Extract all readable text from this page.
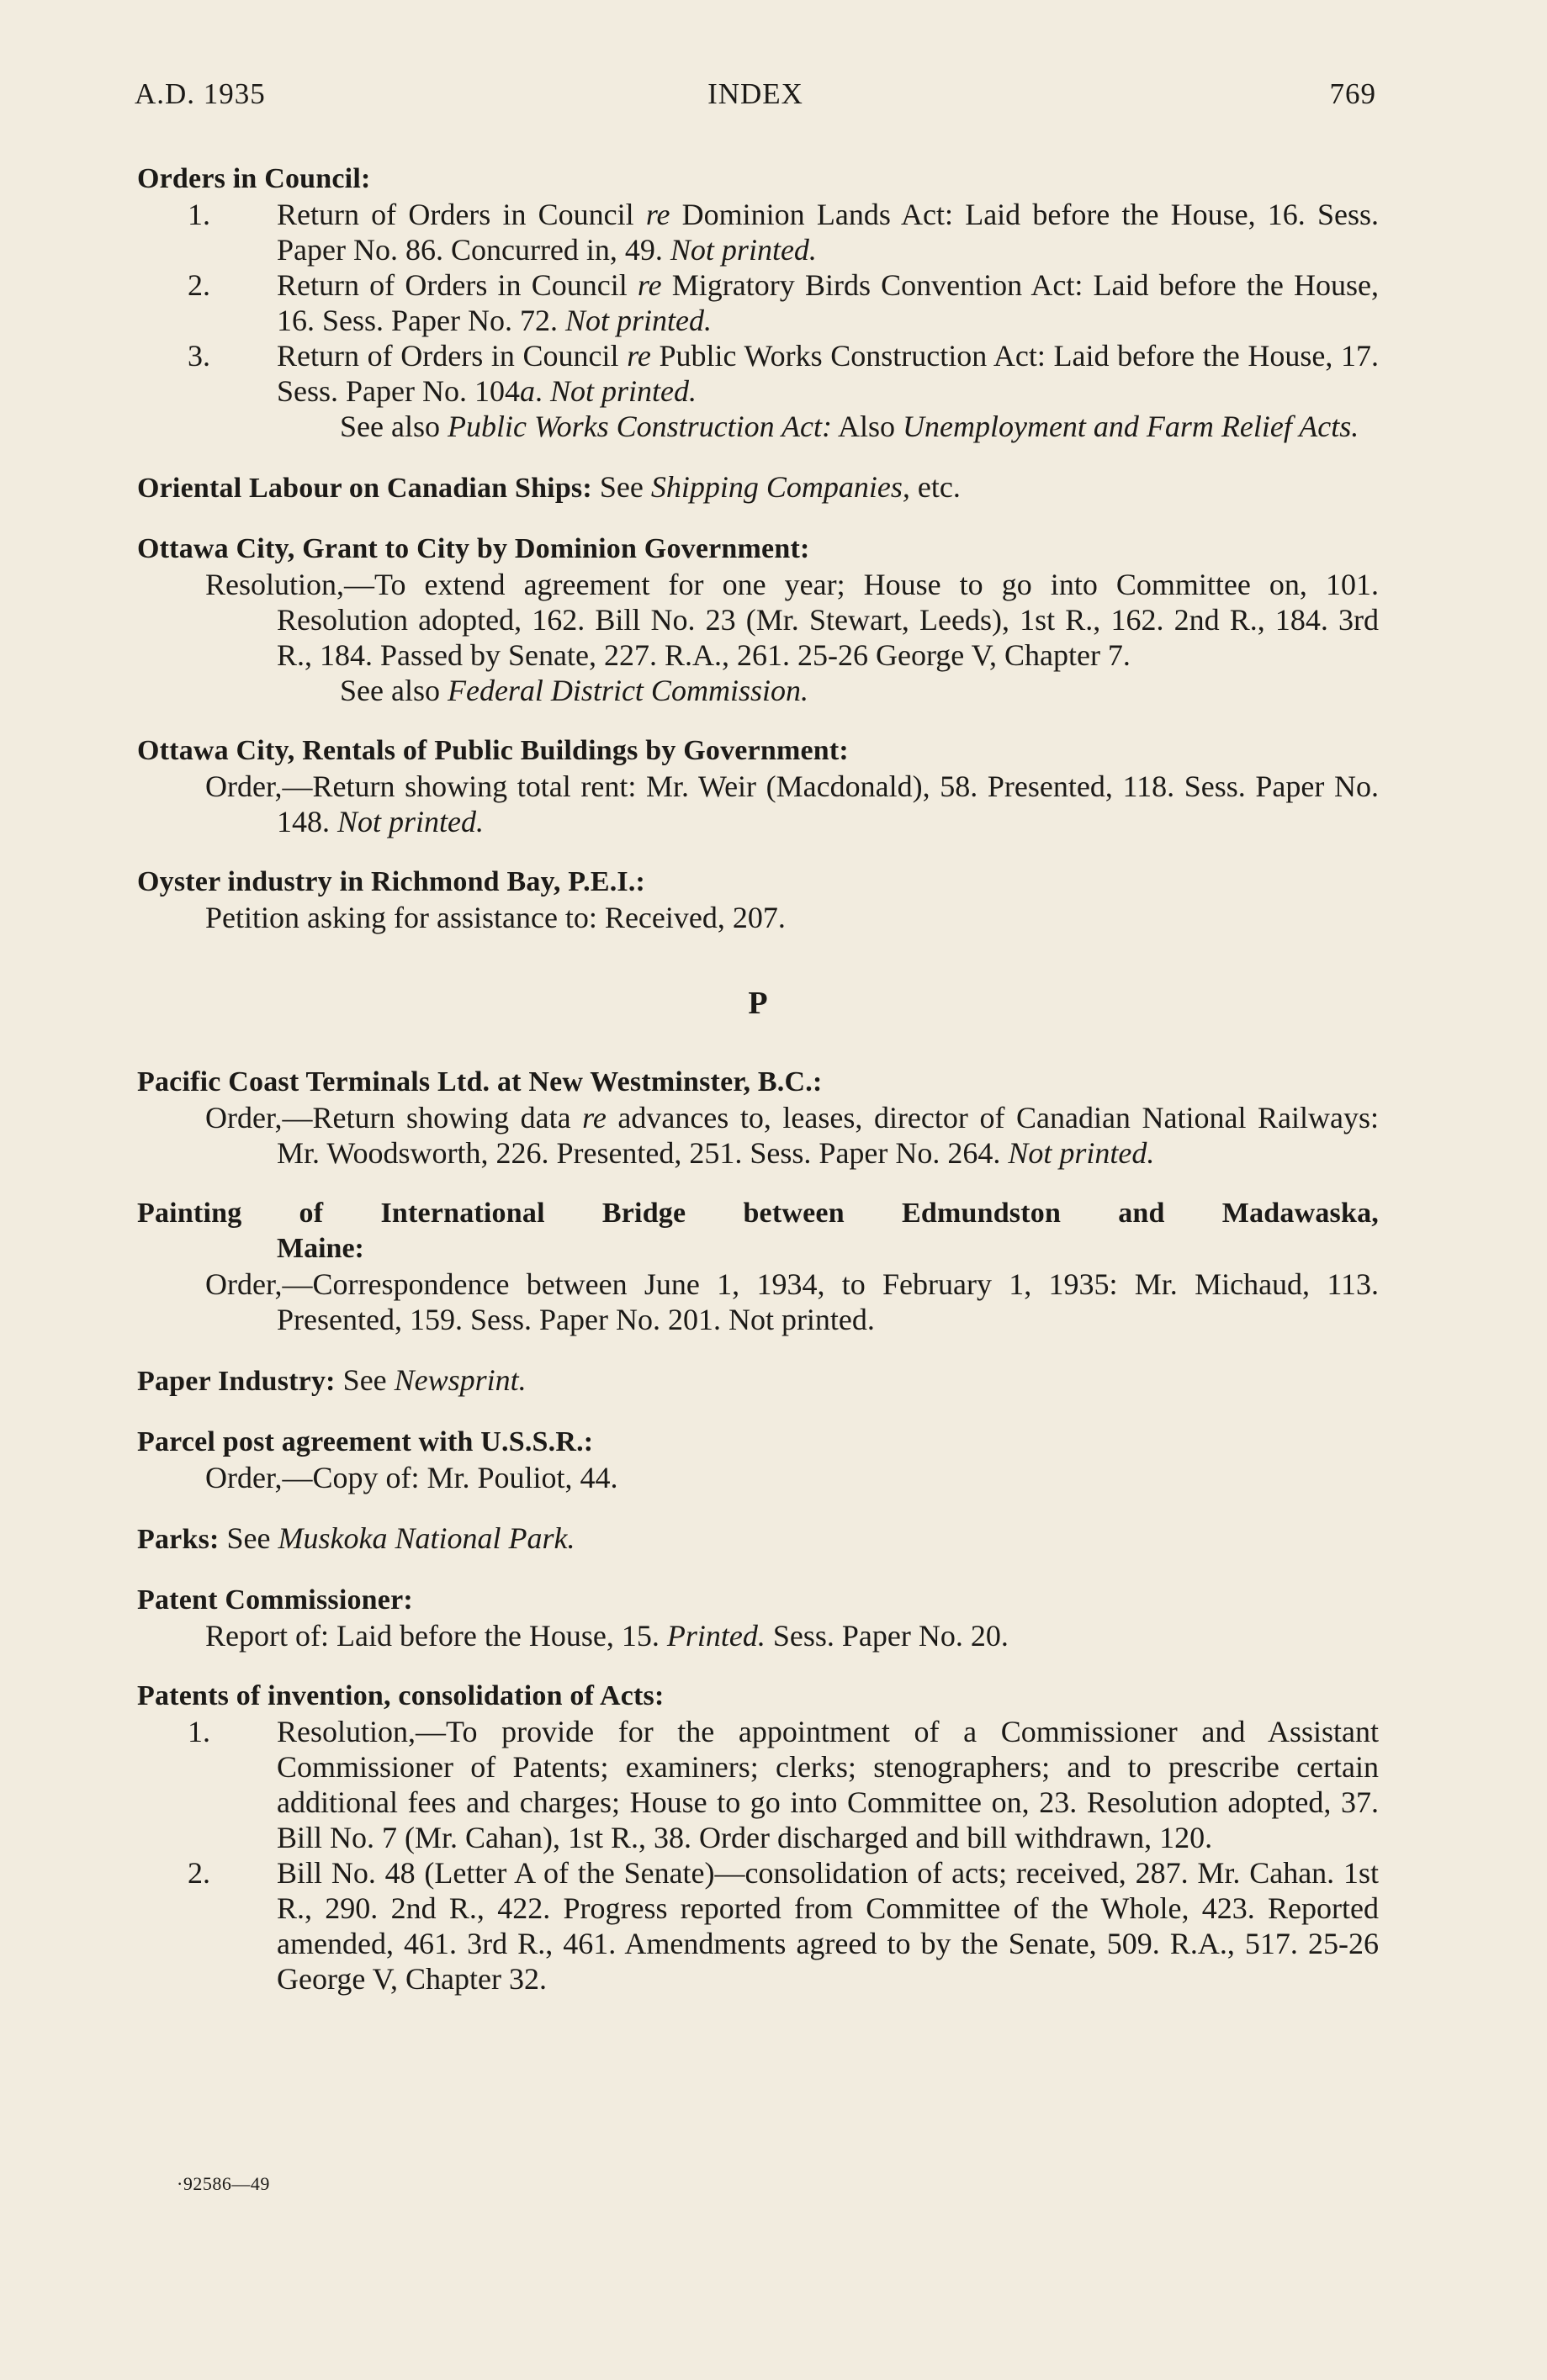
A.D. 1935	INDEX	769
Orders in Council:
1. Return of Orders in Council re Dominion Lands Act: Laid before the House, 16. Sess. Paper No. 86. Concurred in, 49. Not printed.
2. Return of Orders in Council re Migratory Birds Convention Act: Laid before the House, 16. Sess. Paper No. 72. Not printed.
3. Return of Orders in Council re Public Works Construction Act: Laid before the House, 17. Sess. Paper No. 104a. Not printed.
See also Public Works Construction Act: Also Unemployment and Farm Relief Acts.
Oriental Labour on Canadian Ships: See Shipping Companies, etc.
Ottawa City, Grant to City by Dominion Government:
Resolution,—To extend agreement for one year; House to go into Committee on, 101. Resolution adopted, 162. Bill No. 23 (Mr. Stewart, Leeds), 1st R., 162. 2nd R., 184. 3rd R., 184. Passed by Senate, 227. R.A., 261. 25-26 George V, Chapter 7.
See also Federal District Commission.
Ottawa City, Rentals of Public Buildings by Government:
Order,—Return showing total rent: Mr. Weir (Macdonald), 58. Presented, 118. Sess. Paper No. 148. Not printed.
Oyster industry in Richmond Bay, P.E.I.:
Petition asking for assistance to: Received, 207.
P
Pacific Coast Terminals Ltd. at New Westminster, B.C.:
Order,—Return showing data re advances to, leases, director of Canadian National Railways: Mr. Woodsworth, 226. Presented, 251. Sess. Paper No. 264. Not printed.
Painting of International Bridge between Edmundston and Madawaska,
Maine:
Order,—Correspondence between June 1, 1934, to February 1, 1935: Mr. Michaud, 113. Presented, 159. Sess. Paper No. 201. Not printed.
Paper Industry: See Newsprint.
Parcel post agreement with U.S.S.R.:
Order,—Copy of: Mr. Pouliot, 44.
Parks: See Muskoka National Park.
Patent Commissioner:
Report of: Laid before the House, 15. Printed. Sess. Paper No. 20.
Patents of invention, consolidation of Acts:
1. Resolution,—To provide for the appointment of a Commissioner and Assistant Commissioner of Patents; examiners; clerks; stenographers; and to prescribe certain additional fees and charges; House to go into Committee on, 23. Resolution adopted, 37. Bill No. 7 (Mr. Cahan), 1st R., 38. Order discharged and bill withdrawn, 120.
2. Bill No. 48 (Letter A of the Senate)—consolidation of acts; received, 287. Mr. Cahan. 1st R., 290. 2nd R., 422. Progress reported from Committee of the Whole, 423. Reported amended, 461. 3rd R., 461. Amendments agreed to by the Senate, 509. R.A., 517. 25-26 George V, Chapter 32.
·92586—49
